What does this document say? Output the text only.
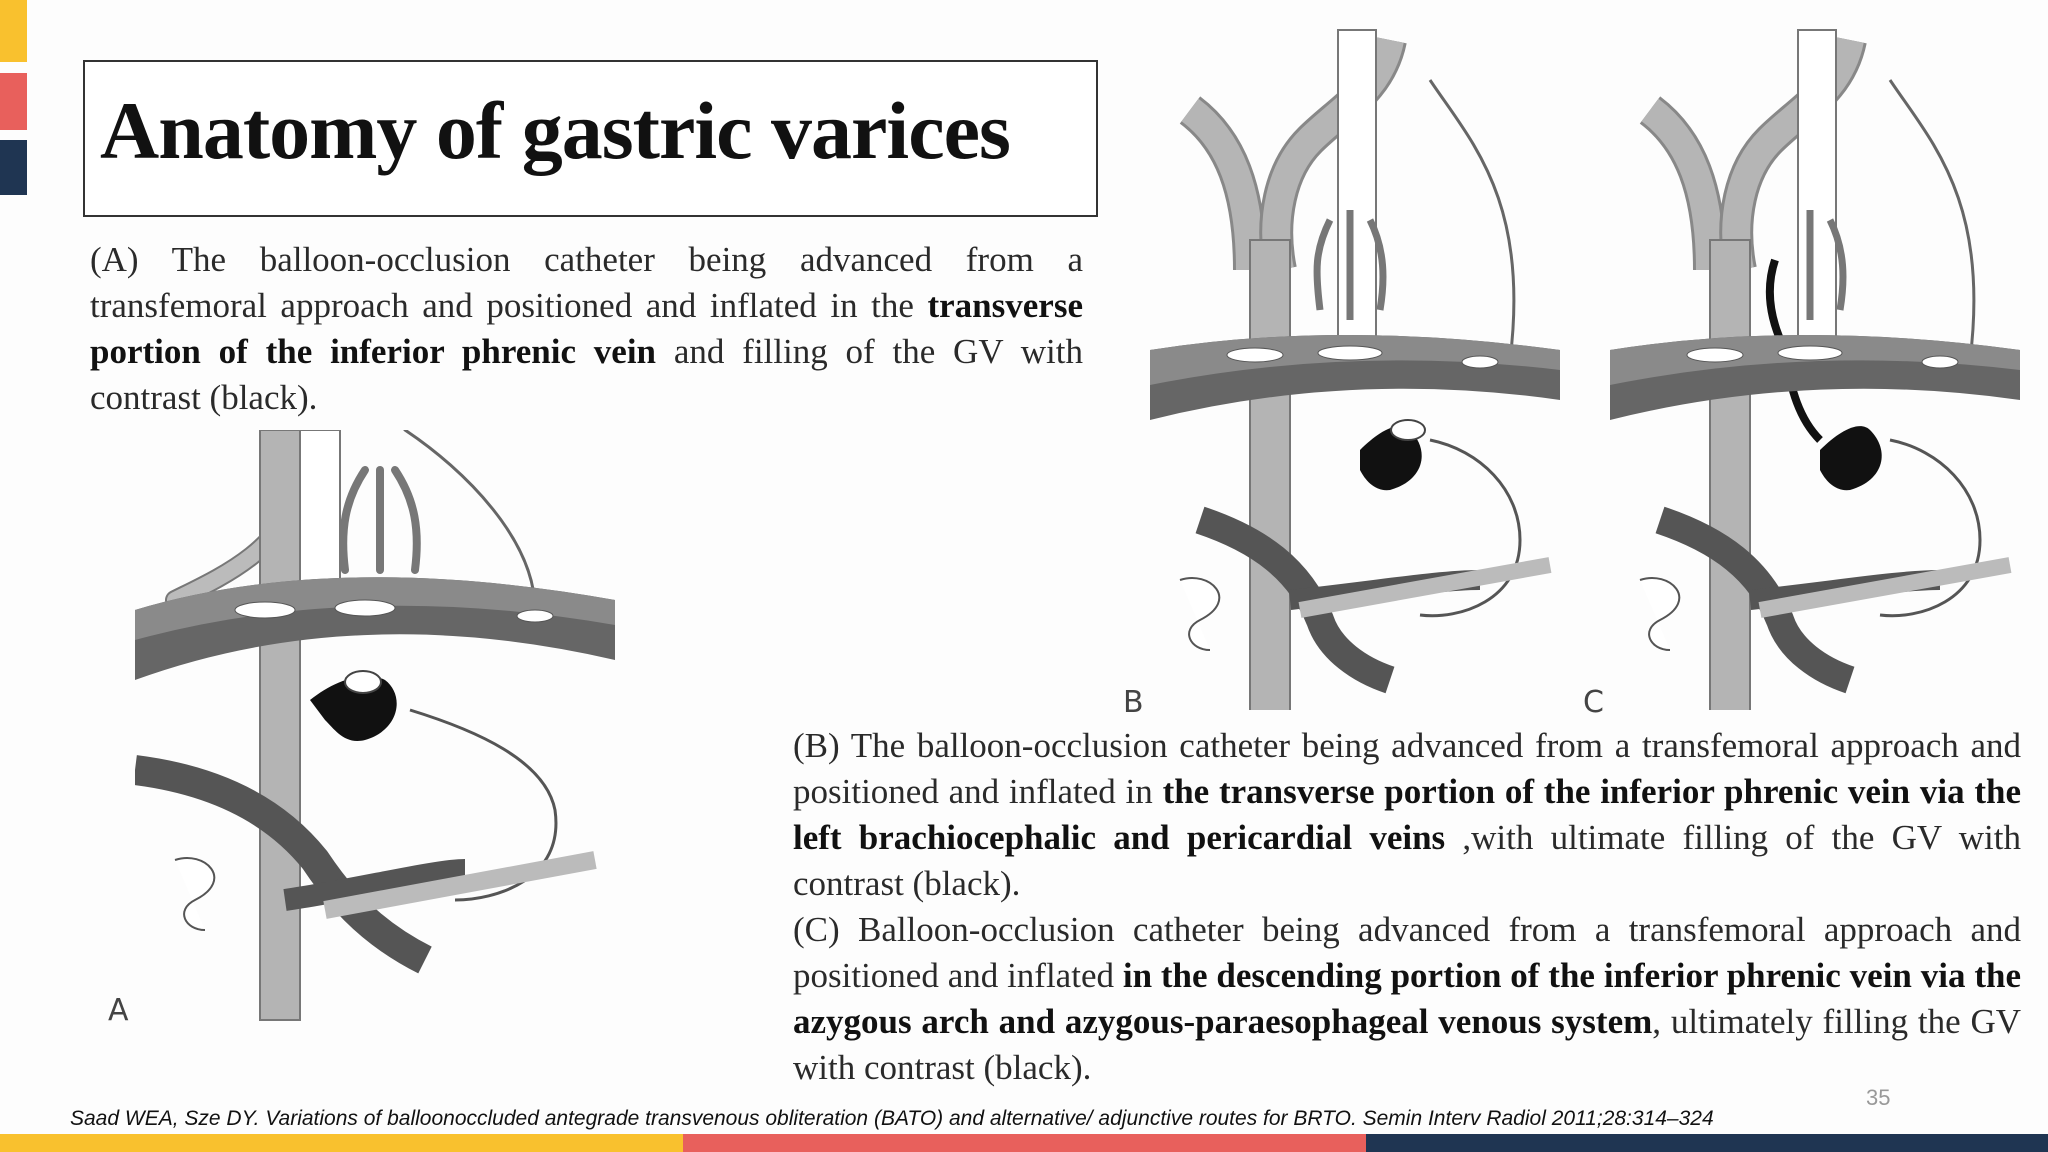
Anatomy of gastric varices
(A) The balloon-occlusion catheter being advanced from a transfemoral approach and positioned and inflated in the transverse portion of the inferior phrenic vein and filling of the GV with contrast (black).
A
B	C
(B) The balloon-occlusion catheter being advanced from a transfemoral approach and positioned and inflated in the transverse portion of the inferior phrenic vein via the left brachiocephalic and pericardial veins ,with ultimate filling of the GV with contrast (black).
(C) Balloon-occlusion catheter being advanced from a transfemoral approach and positioned and inflated in the descending portion of the inferior phrenic vein via the azygous arch and azygous-paraesophageal venous system, ultimately filling the GV with contrast (black).
35
Saad WEA, Sze DY. Variations of balloonoccluded antegrade transvenous obliteration (BATO) and alternative/ adjunctive routes for BRTO. Semin Interv Radiol 2011;28:314–324
